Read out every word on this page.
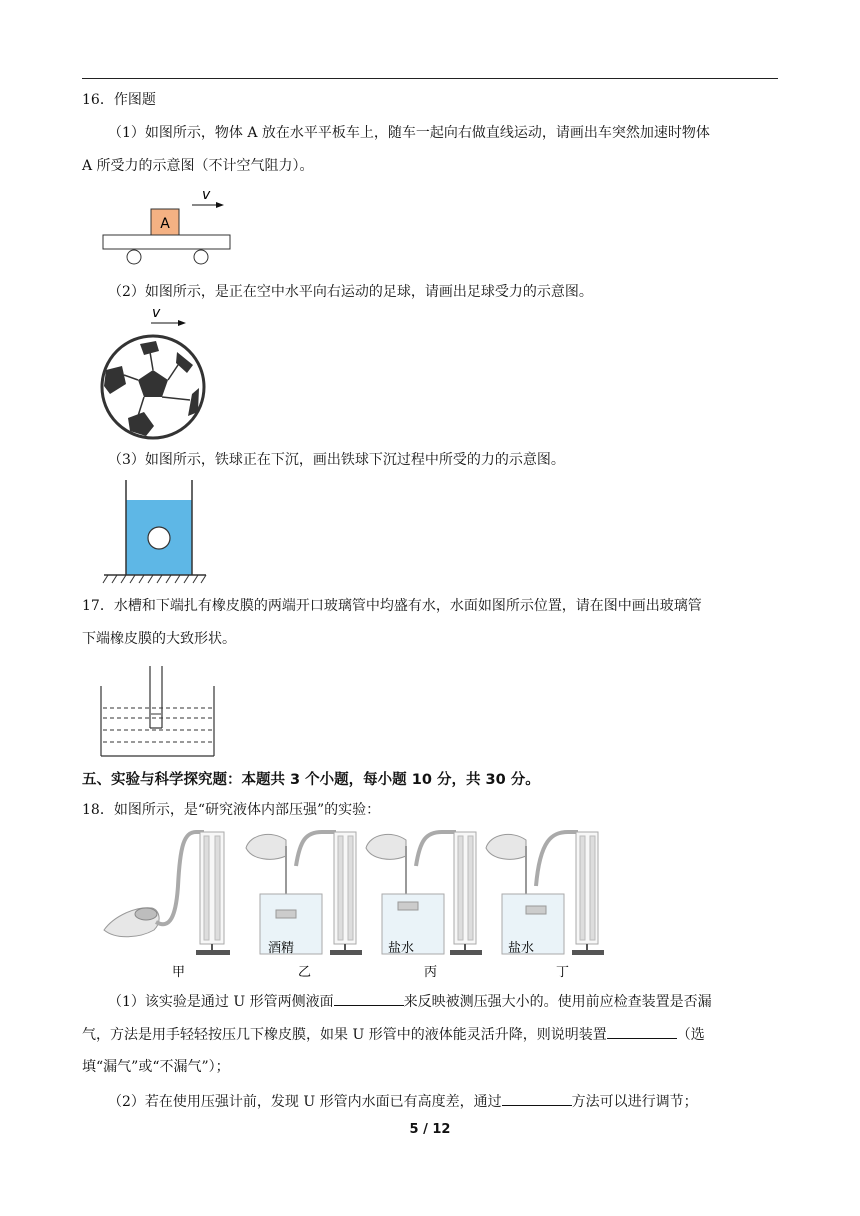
16．作图题
（1）如图所示，物体 A 放在水平平板车上，随车一起向右做直线运动，请画出车突然加速时物体
A 所受力的示意图（不计空气阻力）。
A
v
（2）如图所示，是正在空中水平向右运动的足球，请画出足球受力的示意图。
v
（3）如图所示，铁球正在下沉，画出铁球下沉过程中所受的力的示意图。
17．水槽和下端扎有橡皮膜的两端开口玻璃管中均盛有水，水面如图所示位置，请在图中画出玻璃管
下端橡皮膜的大致形状。
五、实验与科学探究题：本题共 3 个小题，每小题 10 分，共 30 分。
18．如图所示，是“研究液体内部压强”的实验：
酒精	盐水	盐水
甲	乙	丙	丁
（1）该实验是通过 U 形管两侧液面	来反映被测压强大小的。使用前应检查装置是否漏
气，方法是用手轻轻按压几下橡皮膜，如果 U 形管中的液体能灵活升降，则说明装置	（选
填“漏气”或“不漏气”）；
（2）若在使用压强计前，发现 U 形管内水面已有高度差，通过	方法可以进行调节；
5 / 12
